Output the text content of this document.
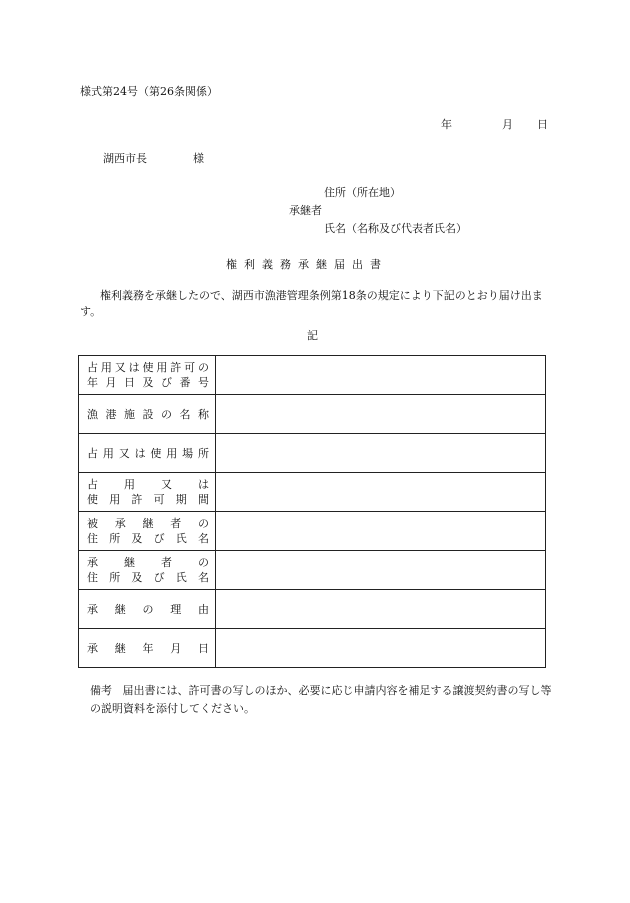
様式第24号（第26条関係）
年	月 日
湖西市長	様
住所（所在地）
承継者
氏名（名称及び代表者氏名）
権利義務承継届出書
権利義務を承継したので、湖西市漁港管理条例第18条の規定により下記のとおり届け出ます。
記
占用又は使用許可の
年月日及び番号	

漁港施設の名称	

占用又は使用場所	

占用又は
使用許可期間	

被承継者の
住所及び氏名	

承継者の
住所及び氏名	

承継の理由	

承継年月日	

備考 届出書には、許可書の写しのほか、必要に応じ申請内容を補足する譲渡契約書の写し等の説明資料を添付してください。
